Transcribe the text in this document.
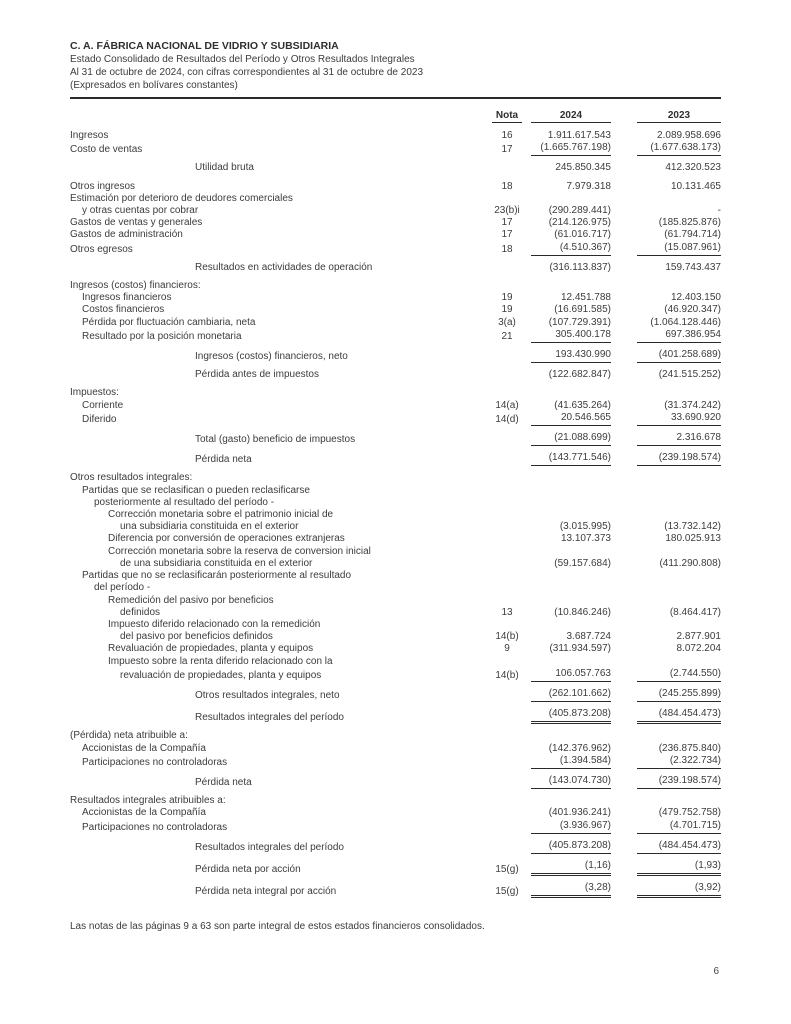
C. A. FÁBRICA NACIONAL DE VIDRIO Y SUBSIDIARIA
Estado Consolidado de Resultados del Período y Otros Resultados Integrales
Al 31 de octubre de 2024, con cifras correspondientes al 31 de octubre de 2023
(Expresados en bolívares constantes)
Nota	2024	2023
Ingresos	16	1.911.617.543	2.089.958.696
Costo de ventas	17	(1.665.767.198)	(1.677.638.173)
Utilidad bruta	245.850.345	412.320.523
Otros ingresos	18	7.979.318	10.131.465
Estimación por deterioro de deudores comerciales
y otras cuentas por cobrar	23(b)i	(290.289.441)	-
Gastos de ventas y generales	17	(214.126.975)	(185.825.876)
Gastos de administración	17	(61.016.717)	(61.794.714)
Otros egresos	18	(4.510.367)	(15.087.961)
Resultados en actividades de operación	(316.113.837)	159.743.437
Ingresos (costos) financieros:
Ingresos financieros	19	12.451.788	12.403.150
Costos financieros	19	(16.691.585)	(46.920.347)
Pérdida por fluctuación cambiaria, neta	3(a)	(107.729.391)	(1.064.128.446)
Resultado por la posición monetaria	21	305.400.178	697.386.954
Ingresos (costos) financieros, neto	193.430.990	(401.258.689)
Pérdida antes de impuestos	(122.682.847)	(241.515.252)
Impuestos:
Corriente	14(a)	(41.635.264)	(31.374.242)
Diferido	14(d)	20.546.565	33.690.920
Total (gasto) beneficio de impuestos	(21.088.699)	2.316.678
Pérdida neta	(143.771.546)	(239.198.574)
Otros resultados integrales:
Partidas que se reclasifican o pueden reclasificarse
posteriormente al resultado del período -
Corrección monetaria sobre el patrimonio inicial de
una subsidiaria constituida en el exterior	(3.015.995)	(13.732.142)
Diferencia por conversión de operaciones extranjeras	13.107.373	180.025.913
Corrección monetaria sobre la reserva de conversion inicial
de una subsidiaria constituida en el exterior	(59.157.684)	(411.290.808)
Partidas que no se reclasificarán posteriormente al resultado
del período -
Remedición del pasivo por beneficios
definidos	13	(10.846.246)	(8.464.417)
Impuesto diferido relacionado con la remedición
del pasivo por beneficios definidos	14(b)	3.687.724	2.877.901
Revaluación de propiedades, planta y equipos	9	(311.934.597)	8.072.204
Impuesto sobre la renta diferido relacionado con la
revaluación de propiedades, planta y equipos	14(b)	106.057.763	(2.744.550)
Otros resultados integrales, neto	(262.101.662)	(245.255.899)
Resultados integrales del período	(405.873.208)	(484.454.473)
(Pérdida) neta atribuible a:
Accionistas de la Compañía	(142.376.962)	(236.875.840)
Participaciones no controladoras	(1.394.584)	(2.322.734)
Pérdida neta	(143.074.730)	(239.198.574)
Resultados integrales atribuibles a:
Accionistas de la Compañía	(401.936.241)	(479.752.758)
Participaciones no controladoras	(3.936.967)	(4.701.715)
Resultados integrales del período	(405.873.208)	(484.454.473)
Pérdida neta por acción	15(g)	(1,16)	(1,93)
Pérdida neta integral por acción	15(g)	(3,28)	(3,92)
Las notas de las páginas 9 a 63 son parte integral de estos estados financieros consolidados.
6
